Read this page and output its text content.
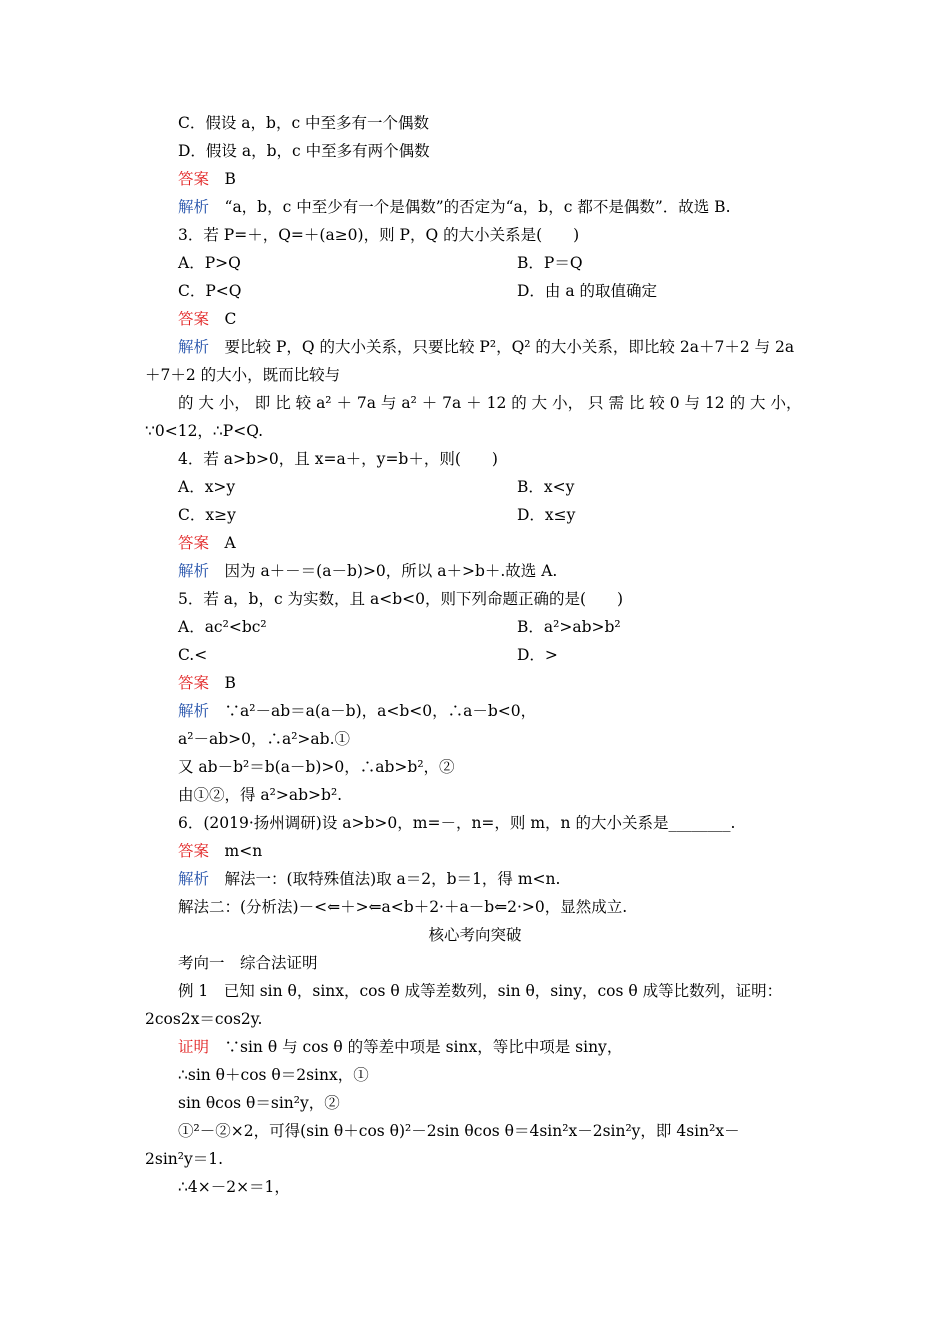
C．假设 a，b，c 中至多有一个偶数
D．假设 a，b，c 中至多有两个偶数
答案  B
解析  “a，b，c 中至少有一个是偶数”的否定为“a，b，c 都不是偶数”．故选 B.
3．若 P=＋，Q=＋(a≥0)，则 P，Q 的大小关系是(　　)
A．P>Q	B．P＝Q
C．P<Q	D．由 a 的取值确定
答案  C
解析  要比较 P，Q 的大小关系，只要比较 P²，Q² 的大小关系，即比较 2a＋7＋2 与 2a
＋7＋2 的大小，既而比较与
的 大 小， 即 比 较 a² ＋ 7a 与 a² ＋ 7a ＋ 12 的 大 小， 只 需 比 较 0 与 12 的 大 小，
∵0<12，∴P<Q.
4．若 a>b>0，且 x=a＋，y=b＋，则(　　)
A．x>y	B．x<y
C．x≥y	D．x≤y
答案  A
解析  因为 a＋－＝(a－b)>0，所以 a＋>b＋.故选 A.
5．若 a，b，c 为实数，且 a<b<0，则下列命题正确的是(　　)
A．ac²<bc²	B．a²>ab>b²
C.<	D．>
答案  B
解析  ∵a²－ab＝a(a－b)，a<b<0，∴a－b<0，
a²－ab>0，∴a²>ab.①
又 ab－b²＝b(a－b)>0，∴ab>b²，②
由①②，得 a²>ab>b².
6．(2019·扬州调研)设 a>b>0，m=－，n=，则 m，n 的大小关系是________.
答案  m<n
解析  解法一：(取特殊值法)取 a＝2，b＝1，得 m<n.
解法二：(分析法)－<⇐＋>⇐a<b＋2·＋a－b⇐2·>0，显然成立.
核心考向突破
考向一　综合法证明
例 1　已知 sin θ，sinx，cos θ 成等差数列，sin θ，siny，cos θ 成等比数列，证明：
2cos2x＝cos2y.
证明  ∵sin θ 与 cos θ 的等差中项是 sinx，等比中项是 siny，
∴sin θ＋cos θ＝2sinx，①
sin θcos θ＝sin²y，②
①²－②×2，可得(sin θ＋cos θ)²－2sin θcos θ＝4sin²x－2sin²y，即 4sin²x－
2sin²y＝1.
∴4×－2×＝1，
